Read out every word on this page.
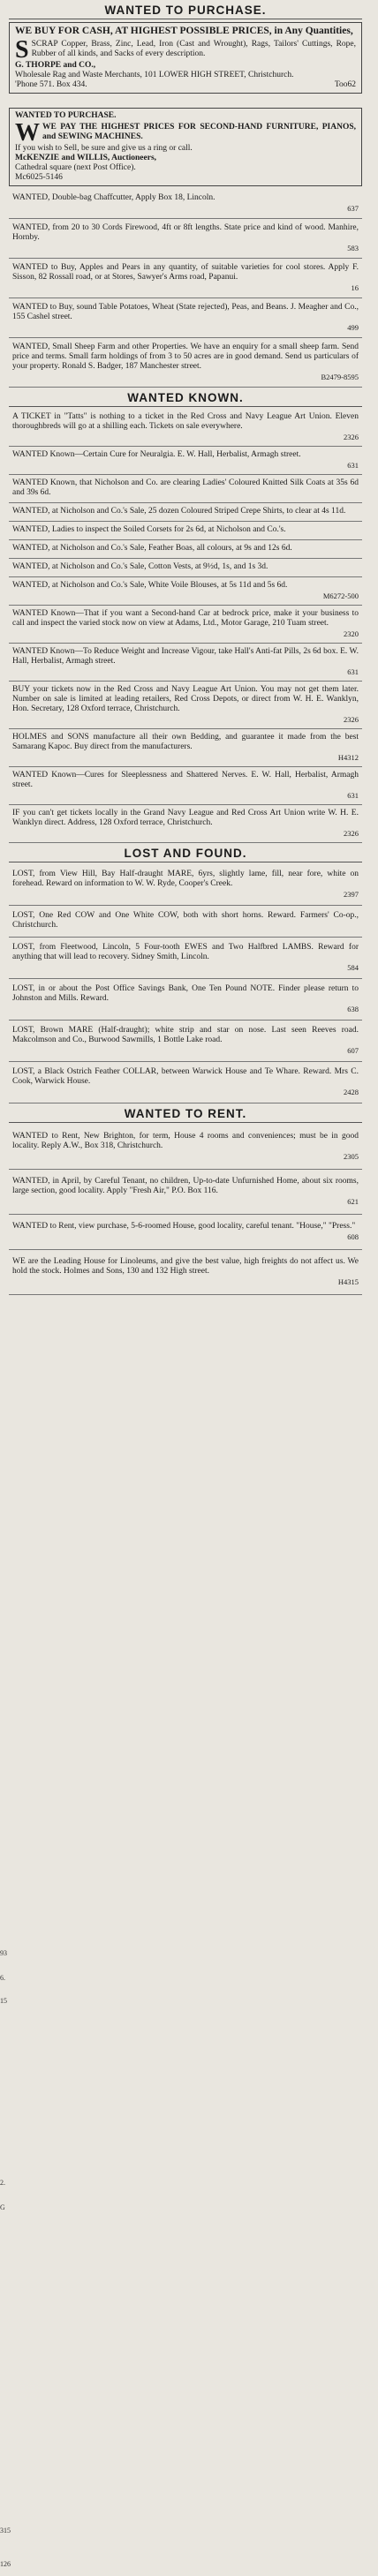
93
6.
15
2.
G
315
126
WANTED TO PURCHASE.

WE BUY FOR CASH, AT HIGHEST POSSIBLE PRICES, in Any Quantities,

SSCRAP Copper, Brass, Zinc, Lead, Iron (Cast and Wrought), Rags, Tailors' Cuttings, Rope, Rubber of all kinds, and Sacks of every description.

G. THORPE and CO.,

Wholesale Rag and Waste Merchants, 101 LOWER HIGH STREET, Christchurch.

'Phone 571. Box 434.	Too62

WANTED TO PURCHASE.

WWE PAY THE HIGHEST PRICES FOR SECOND-HAND FURNITURE, PIANOS, and SEWING MACHINES.

If you wish to Sell, be sure and give us a ring or call.

McKENZIE and WILLIS, Auctioneers,

Cathedral square (next Post Office).

Mc6025-5146

WANTED, Double-bag Chaffcutter, Apply Box 18, Lincoln.

637

WANTED, from 20 to 30 Cords Firewood, 4ft or 8ft lengths. State price and kind of wood. Manhire, Hornby.

583

WANTED to Buy, Apples and Pears in any quantity, of suitable varieties for cool stores. Apply F. Sisson, 82 Rossall road, or at Stores, Sawyer's Arms road, Papanui.

16

WANTED to Buy, sound Table Potatoes, Wheat (State rejected), Peas, and Beans. J. Meagher and Co., 155 Cashel street.

499

WANTED, Small Sheep Farm and other Properties. We have an enquiry for a small sheep farm. Send price and terms. Small farm holdings of from 3 to 50 acres are in good demand. Send us particulars of your property. Ronald S. Badger, 187 Manchester street.

B2479-8595
WANTED KNOWN.

A TICKET in "Tatts" is nothing to a ticket in the Red Cross and Navy League Art Union. Eleven thoroughbreds will go at a shilling each. Tickets on sale everywhere.

2326

WANTED Known—Certain Cure for Neuralgia. E. W. Hall, Herbalist, Armagh street.

631

WANTED Known, that Nicholson and Co. are clearing Ladies' Coloured Knitted Silk Coats at 35s 6d and 39s 6d.

WANTED, at Nicholson and Co.'s Sale, 25 dozen Coloured Striped Crepe Shirts, to clear at 4s 11d.

WANTED, Ladies to inspect the Soiled Corsets for 2s 6d, at Nicholson and Co.'s.

WANTED, at Nicholson and Co.'s Sale, Feather Boas, all colours, at 9s and 12s 6d.

WANTED, at Nicholson and Co.'s Sale, Cotton Vests, at 9½d, 1s, and 1s 3d.

WANTED, at Nicholson and Co.'s Sale, White Voile Blouses, at 5s 11d and 5s 6d.

M6272-500

WANTED Known—That if you want a Second-hand Car at bedrock price, make it your business to call and inspect the varied stock now on view at Adams, Ltd., Motor Garage, 210 Tuam street.

2320

WANTED Known—To Reduce Weight and Increase Vigour, take Hall's Anti-fat Pills, 2s 6d box. E. W. Hall, Herbalist, Armagh street.

631

BUY your tickets now in the Red Cross and Navy League Art Union. You may not get them later. Number on sale is limited at leading retailers, Red Cross Depots, or direct from W. H. E. Wanklyn, Hon. Secretary, 128 Oxford terrace, Christchurch.

2326

HOLMES and SONS manufacture all their own Bedding, and guarantee it made from the best Samarang Kapoc. Buy direct from the manufacturers.

H4312

WANTED Known—Cures for Sleeplessness and Shattered Nerves. E. W. Hall, Herbalist, Armagh street.

631

IF you can't get tickets locally in the Grand Navy League and Red Cross Art Union write W. H. E. Wanklyn direct. Address, 128 Oxford terrace, Christchurch.

2326
LOST AND FOUND.

LOST, from View Hill, Bay Half-draught MARE, 6yrs, slightly lame, fill, near fore, white on forehead. Reward on information to W. W. Ryde, Cooper's Creek.

2397

LOST, One Red COW and One White COW, both with short horns. Reward. Farmers' Co-op., Christchurch.

LOST, from Fleetwood, Lincoln, 5 Four-tooth EWES and Two Halfbred LAMBS. Reward for anything that will lead to recovery. Sidney Smith, Lincoln.

584

LOST, in or about the Post Office Savings Bank, One Ten Pound NOTE. Finder please return to Johnston and Mills. Reward.

638

LOST, Brown MARE (Half-draught); white strip and star on nose. Last seen Reeves road. Makcolmson and Co., Burwood Sawmills, 1 Bottle Lake road.

607

LOST, a Black Ostrich Feather COLLAR, between Warwick House and Te Whare. Reward. Mrs C. Cook, Warwick House.

2428
WANTED TO RENT.

WANTED to Rent, New Brighton, for term, House 4 rooms and conveniences; must be in good locality. Reply A.W., Box 318, Christchurch.

2305

WANTED, in April, by Careful Tenant, no children, Up-to-date Unfurnished Home, about six rooms, large section, good locality. Apply "Fresh Air," P.O. Box 116.

621

WANTED to Rent, view purchase, 5-6-roomed House, good locality, careful tenant. "House," "Press."

608

WE are the Leading House for Linoleums, and give the best value, high freights do not affect us. We hold the stock. Holmes and Sons, 130 and 132 High street.

H4315
